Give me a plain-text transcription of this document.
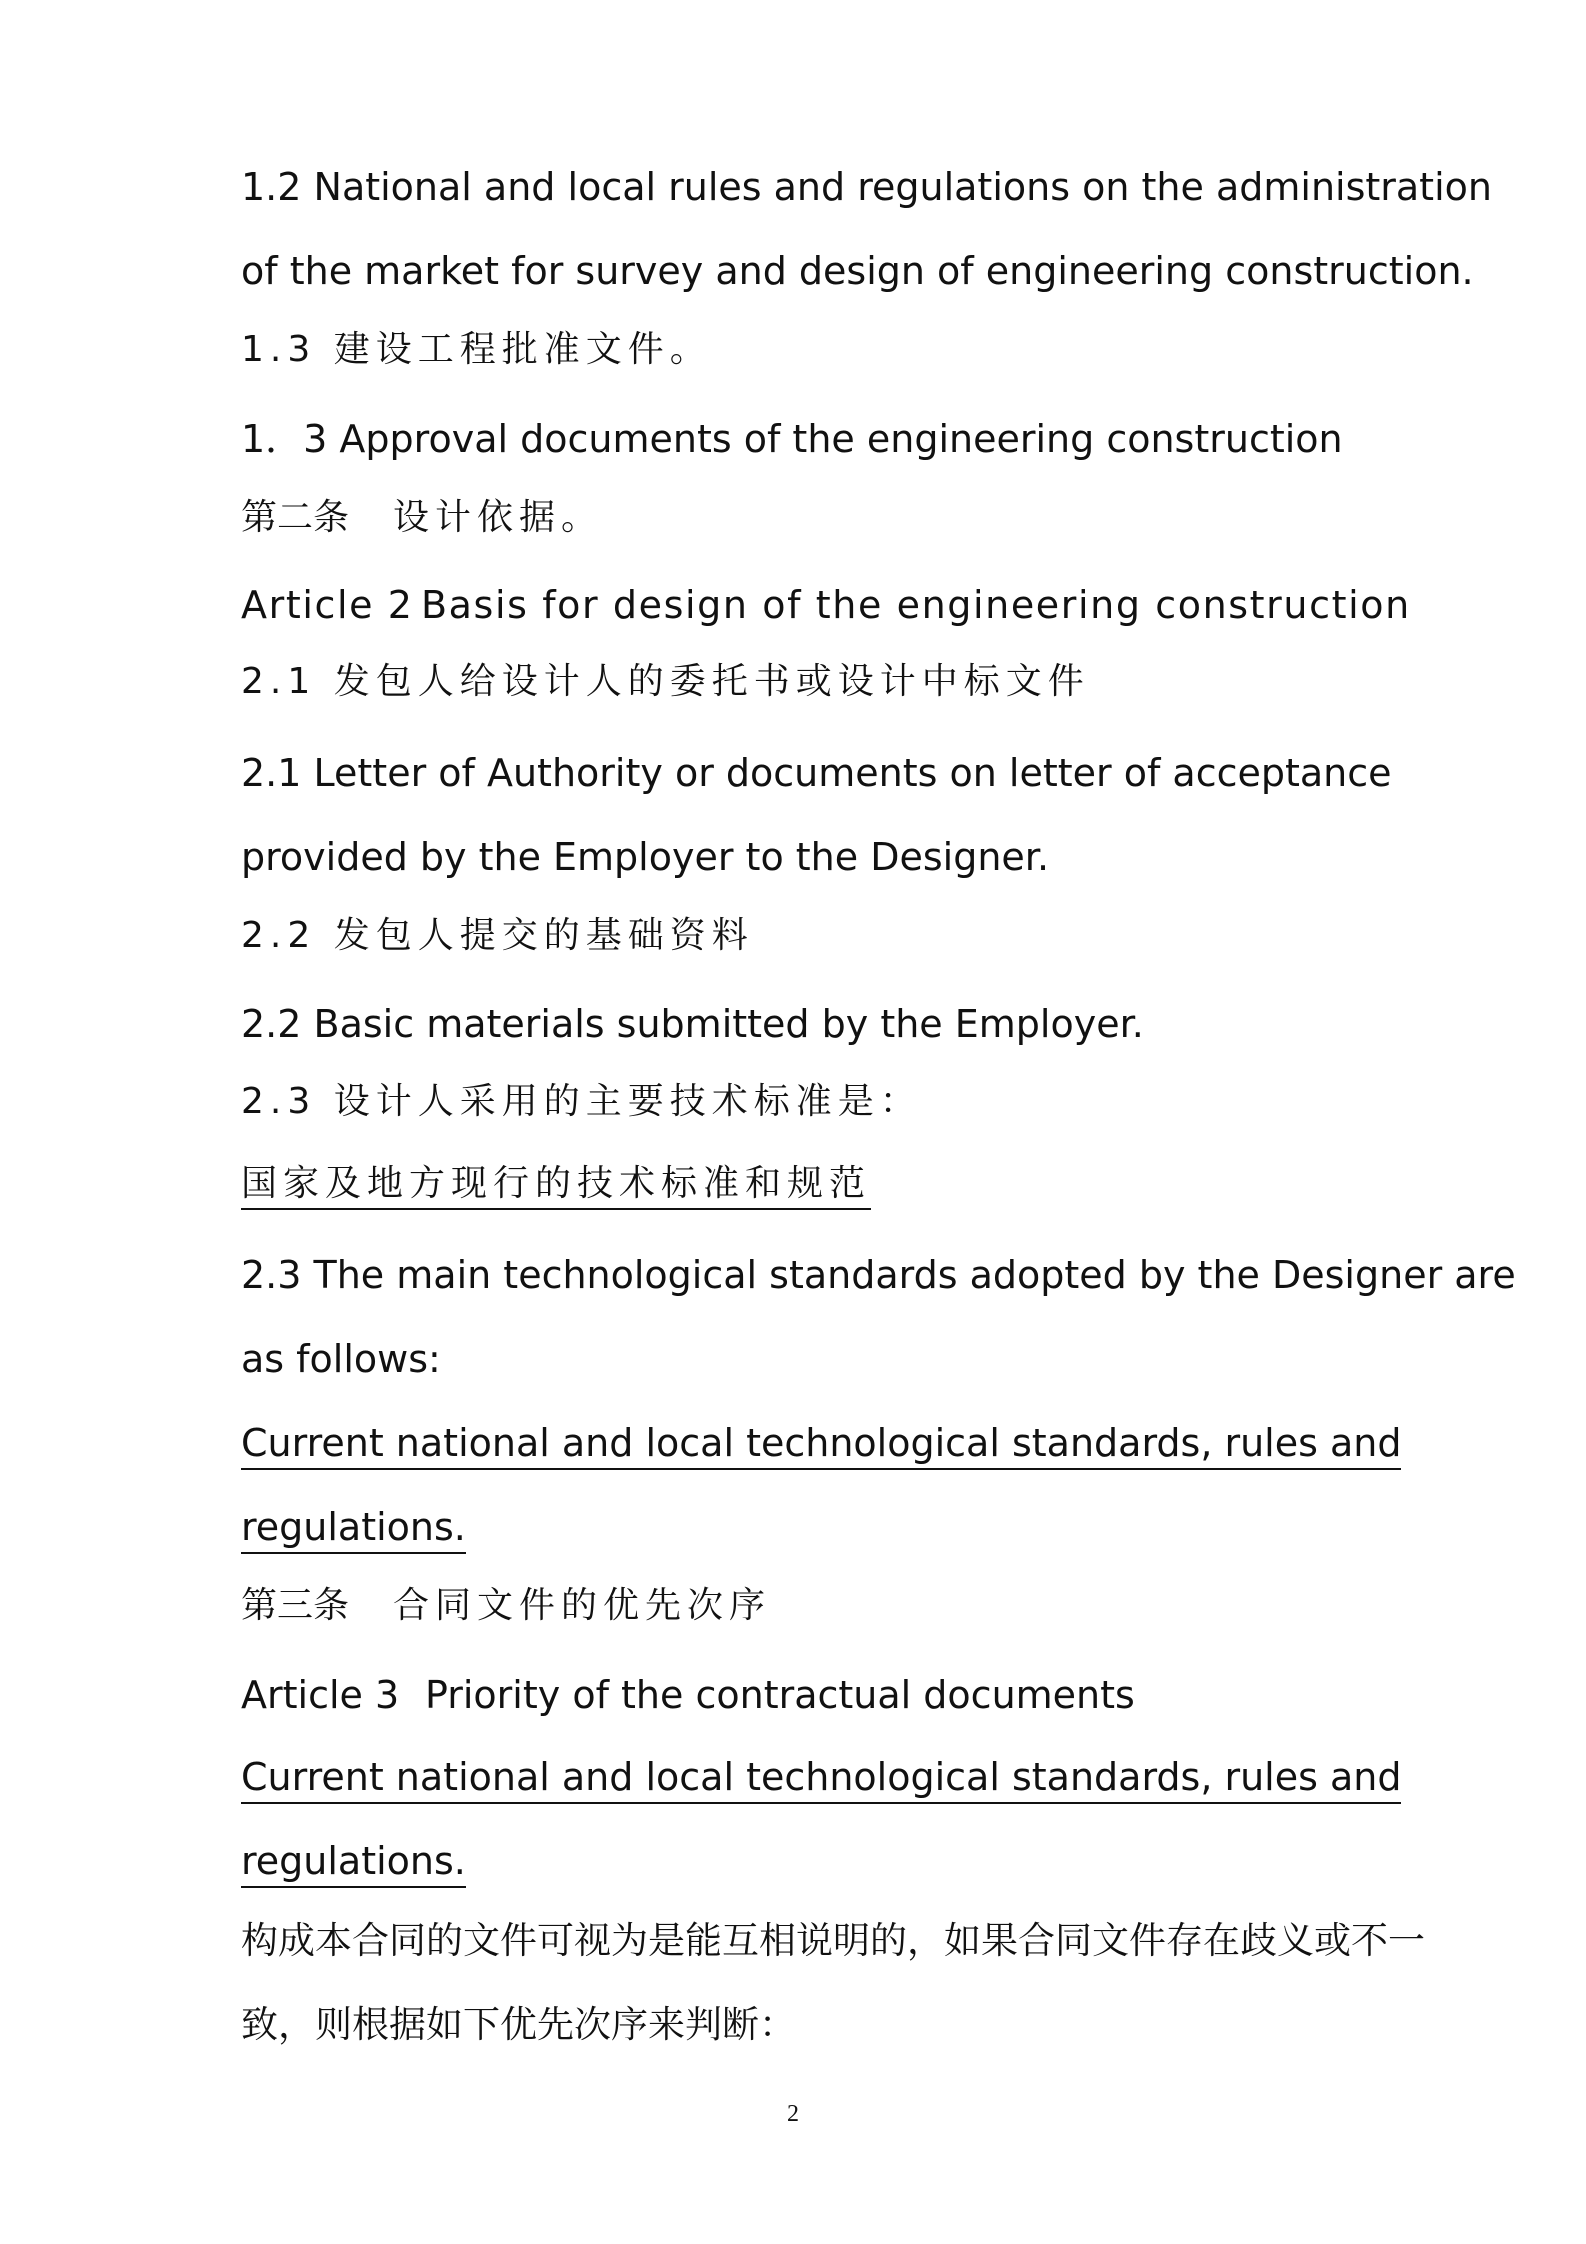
1.2 National and local rules and regulations on the administration
of the market for survey and design of engineering construction.
1.3 建设工程批准文件。
1．3 Approval documents of the engineering construction
第二条 设计依据。
Article 2 Basis for design of the engineering construction
2.1 发包人给设计人的委托书或设计中标文件
2.1 Letter of Authority or documents on letter of acceptance
provided by the Employer to the Designer.
2.2 发包人提交的基础资料
2.2 Basic materials submitted by the Employer.
2.3 设计人采用的主要技术标准是：
国家及地方现行的技术标准和规范
2.3 The main technological standards adopted by the Designer are
as follows:
Current national and local technological standards, rules and
regulations.
第三条 合同文件的优先次序
Article 3 Priority of the contractual documents
Current national and local technological standards, rules and
regulations.
构成本合同的文件可视为是能互相说明的，如果合同文件存在歧义或不一
致，则根据如下优先次序来判断：
2
